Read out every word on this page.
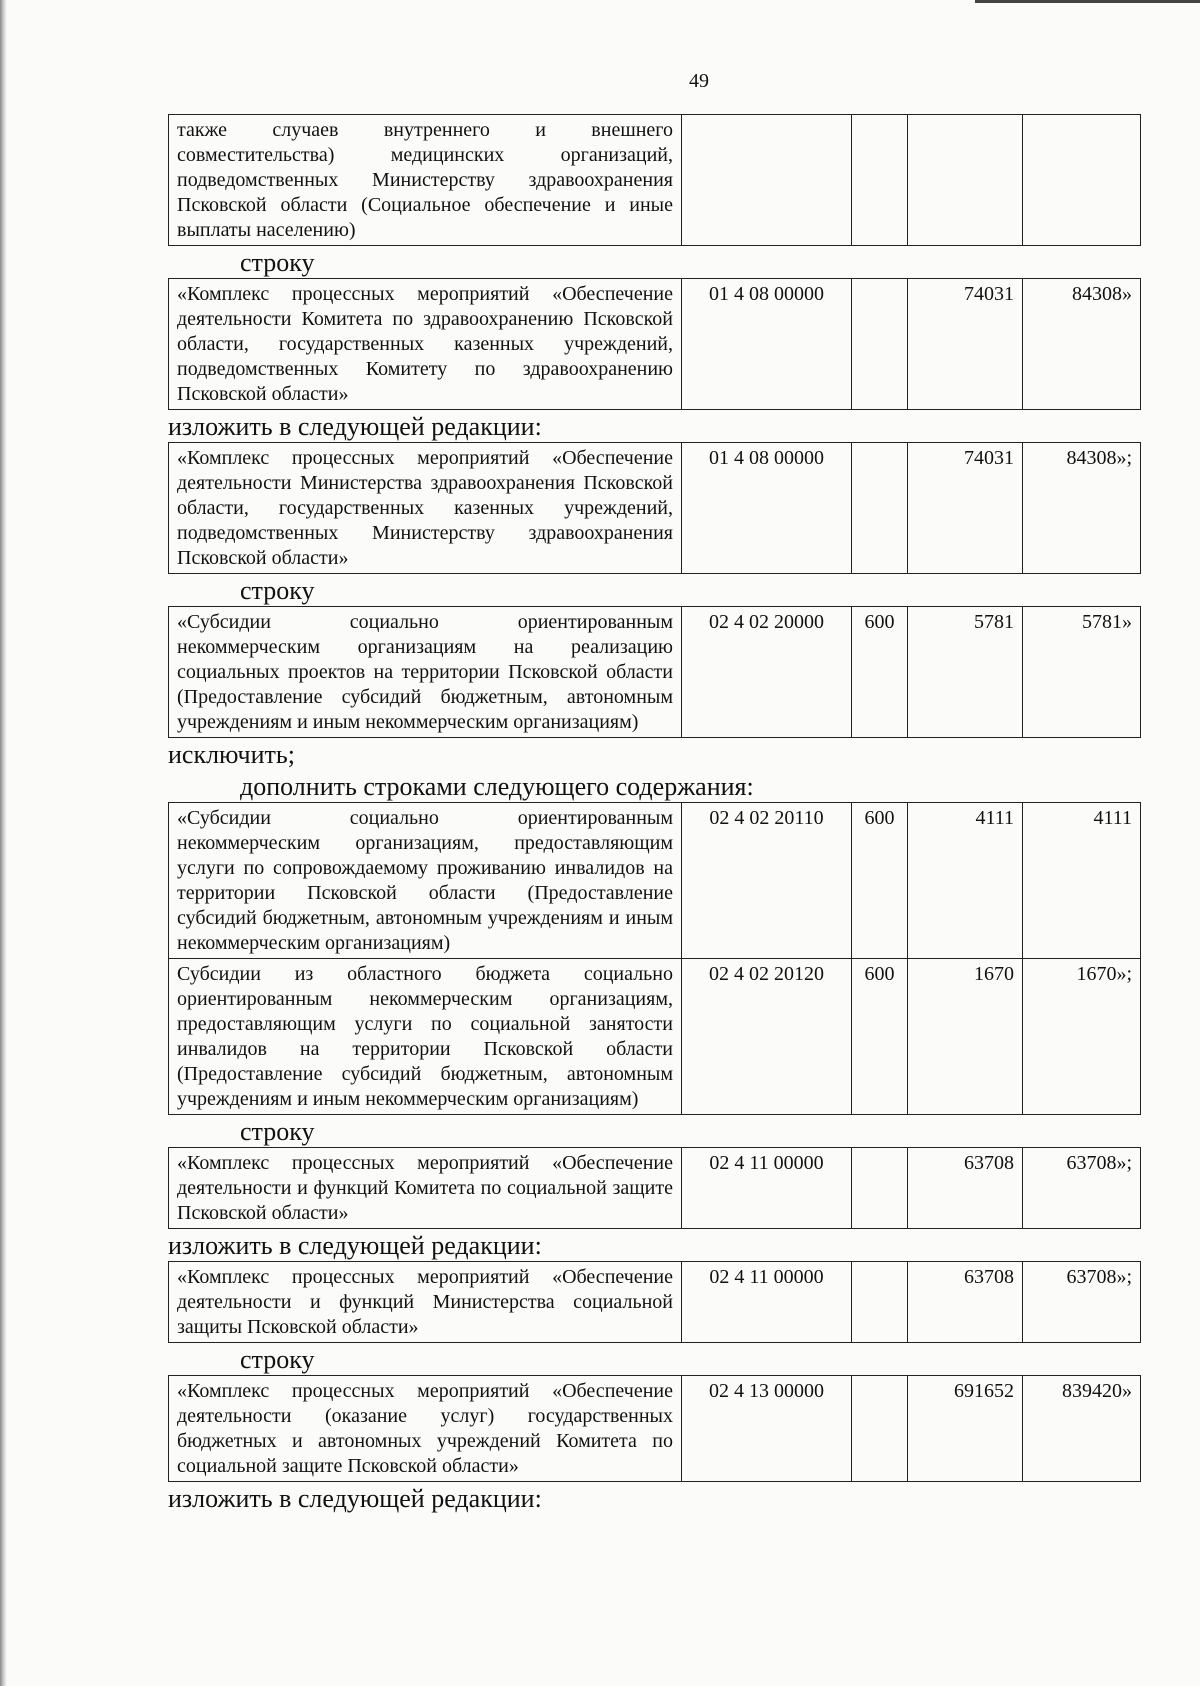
49
также случаев внутреннего и внешнего совместительства) медицинских организаций, подведомственных Министерству здравоохранения Псковской области (Социальное обеспечение и иные выплаты населению)				
строку
«Комплекс процессных мероприятий «Обеспечение деятельности Комитета по здравоохранению Псковской области, государственных казенных учреждений, подведомственных Комитету по здравоохранению Псковской области»	01 4 08 00000		74031	84308»
изложить в следующей редакции:
«Комплекс процессных мероприятий «Обеспечение деятельности Министерства здравоохранения Псковской области, государственных казенных учреждений, подведомственных Министерству здравоохранения Псковской области»	01 4 08 00000		74031	84308»;
строку
«Субсидии социально ориентированным некоммерческим организациям на реализацию социальных проектов на территории Псковской области (Предоставление субсидий бюджетным, автономным учреждениям и иным некоммерческим организациям)	02 4 02 20000	600	5781	5781»
исключить;
дополнить строками следующего содержания:
«Субсидии социально ориентированным некоммерческим организациям, предоставляющим услуги по сопровождаемому проживанию инвалидов на территории Псковской области (Предоставление субсидий бюджетным, автономным учреждениям и иным некоммерческим организациям)	02 4 02 20110	600	4111	4111
Субсидии из областного бюджета социально ориентированным некоммерческим организациям, предоставляющим услуги по социальной занятости инвалидов на территории Псковской области (Предоставление субсидий бюджетным, автономным учреждениям и иным некоммерческим организациям)	02 4 02 20120	600	1670	1670»;
строку
«Комплекс процессных мероприятий «Обеспечение деятельности и функций Комитета по социальной защите Псковской области»	02 4 11 00000		63708	63708»;
изложить в следующей редакции:
«Комплекс процессных мероприятий «Обеспечение деятельности и функций Министерства социальной защиты Псковской области»	02 4 11 00000		63708	63708»;
строку
«Комплекс процессных мероприятий «Обеспечение деятельности (оказание услуг) государственных бюджетных и автономных учреждений Комитета по социальной защите Псковской области»	02 4 13 00000		691652	839420»
изложить в следующей редакции:
